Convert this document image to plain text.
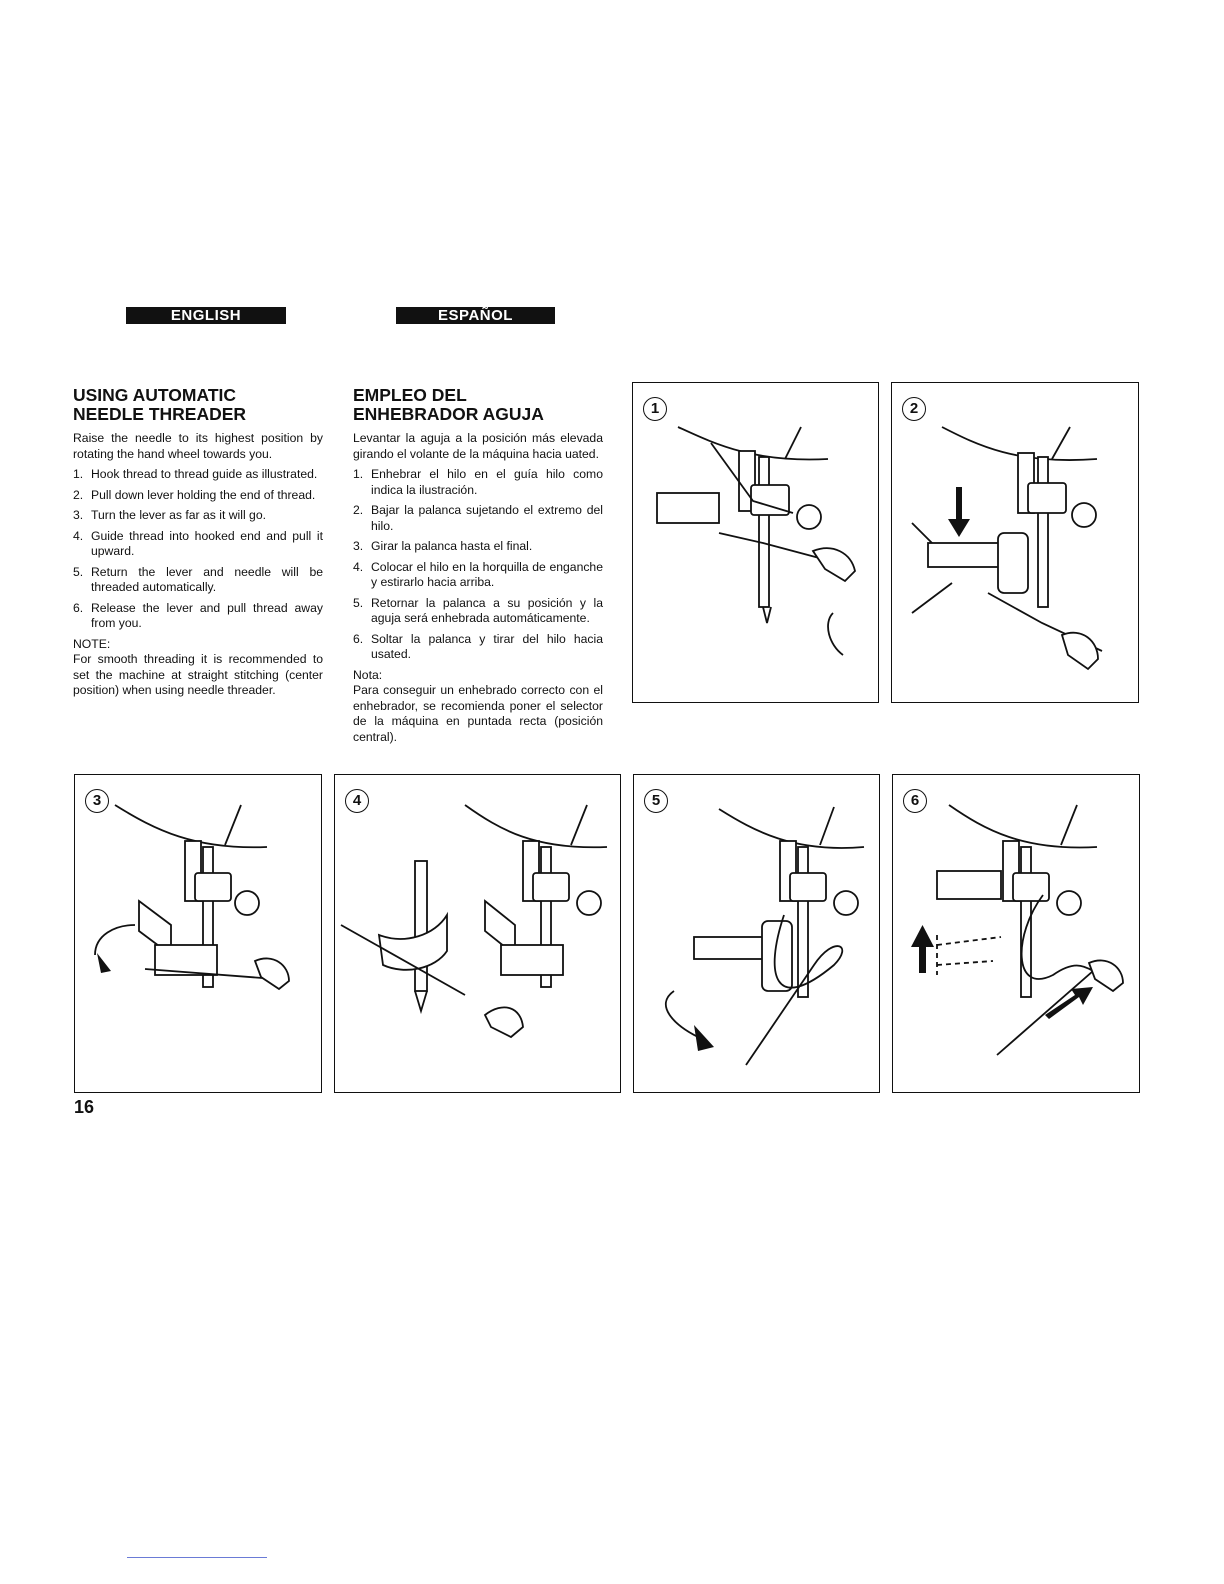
ENGLISH	ESPAÑOL
USING AUTOMATIC
NEEDLE THREADER

Raise the needle to its highest position by rotating the hand wheel towards you.

1. Hook thread to thread guide as illustrated.
2. Pull down lever holding the end of thread.
3. Turn the lever as far as it will go.
4. Guide thread into hooked end and pull it upward.
5. Return the lever and needle will be threaded automatically.
6. Release the lever and pull thread away from you.
NOTE:
For smooth threading it is recommended to set the machine at straight stitching (center position) when using needle threader.
EMPLEO DEL
ENHEBRADOR AGUJA

Levantar la aguja a la posición más elevada girando el volante de la máquina hacia uated.

1. Enhebrar el hilo en el guía hilo como indica la ilustración.
2. Bajar la palanca sujetando el extremo del hilo.
3. Girar la palanca hasta el final.
4. Colocar el hilo en la horquilla de enganche y estirarlo hacia arriba.
5. Retornar la palanca a su posición y la aguja será enhebrada automáticamente.
6. Soltar la palanca y tirar del hilo hacia usated.
Nota:
Para conseguir un enhebrado correcto con el enhebrador, se recomienda poner el selector de la máquina en puntada recta (posición central).
1	2
3	4	5	6
16
